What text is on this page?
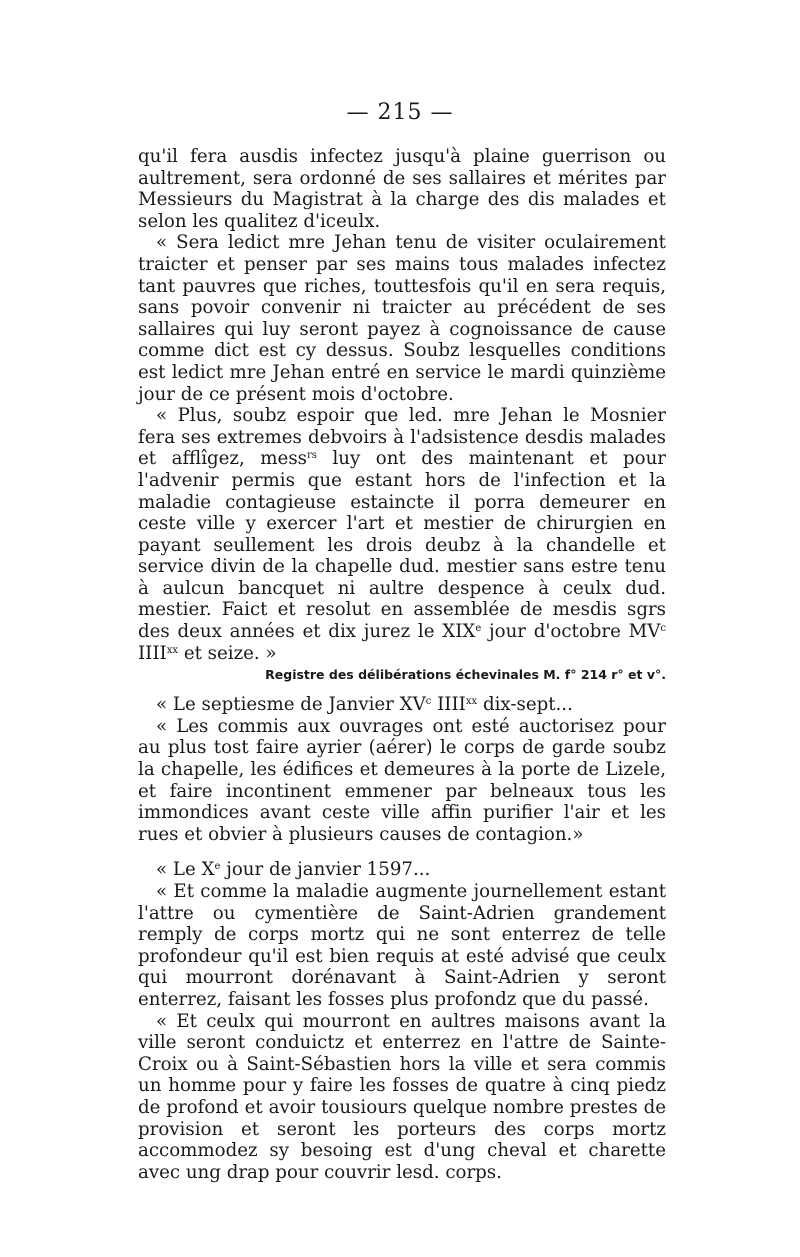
— 215 —

qu'il fera ausdis infectez jusqu'à plaine guerrison ou aultrement, sera ordonné de ses sallaires et mérites par Messieurs du Magistrat à la charge des dis malades et selon les qualitez d'iceulx.

« Sera ledict mre Jehan tenu de visiter oculairement traicter et penser par ses mains tous malades infectez tant pauvres que riches, touttesfois qu'il en sera requis, sans povoir convenir ni traicter au précédent de ses sallaires qui luy seront payez à cognoissance de cause comme dict est cy dessus. Soubz lesquelles conditions est ledict mre Jehan entré en service le mardi quinzième jour de ce présent mois d'octobre.

« Plus, soubz espoir que led. mre Jehan le Mosnier fera ses extremes debvoirs à l'adsistence desdis malades et afflîgez, mess$^{rs}$ luy ont des maintenant et pour l'advenir permis que estant hors de l'infection et la maladie contagieuse estaincte il porra demeurer en ceste ville y exercer l'art et mestier de chirurgien en payant seullement les drois deubz à la chandelle et service divin de la chapelle dud. mestier sans estre tenu à aulcun bancquet ni aultre despence à ceulx dud. mestier. Faict et resolut en assemblée de mesdis sgrs des deux années et dix jurez le XIXe jour d'octobre $MV^c$ IIII$^{xx}$ et seize. »

Registre des délibérations échevinales M. f° 214 r° et v°.

« Le septiesme de Janvier $XV^c$ IIII$^{xx}$ dix-sept...

« Les commis aux ouvrages ont esté auctorisez pour au plus tost faire ayrier (aérer) le corps de garde soubz la chapelle, les édifices et demeures à la porte de Lizele, et faire incontinent emmener par belneaux tous les immondices avant ceste ville affin purifier l'air et les rues et obvier à plusieurs causes de contagion.»

« Le Xe jour de janvier 1597...

« Et comme la maladie augmente journellement estant l'attre ou cymentière de Saint-Adrien grandement remply de corps mortz qui ne sont enterrez de telle profondeur qu'il est bien requis at esté advisé que ceulx qui mourront dorénavant à Saint-Adrien y seront enterrez, faisant les fosses plus profondz que du passé.

« Et ceulx qui mourront en aultres maisons avant la ville seront conduictz et enterrez en l'attre de Sainte-Croix ou à Saint-Sébastien hors la ville et sera commis un homme pour y faire les fosses de quatre à cinq piedz de profond et avoir tousiours quelque nombre prestes de provision et seront les porteurs des corps mortz accommodez sy besoing est d'ung cheval et charette avec ung drap pour couvrir lesd. corps.
